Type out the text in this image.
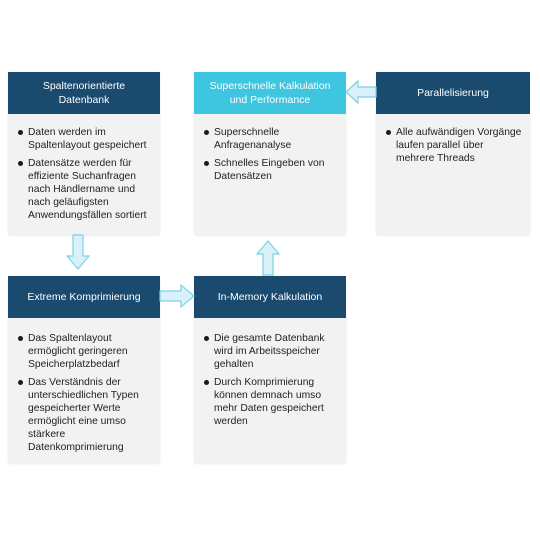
Spaltenorientierte Datenbank
Daten werden im Spaltenlayout gespeichert
Datensätze werden für effiziente Suchanfragen nach Händlername und nach geläufigsten Anwendungsfällen sortiert
Superschnelle Kalkulation und Performance
Superschnelle Anfragenanalyse
Schnelles Eingeben von Datensätzen
Parallelisierung
Alle aufwändigen Vorgänge laufen parallel über mehrere Threads
Extreme Komprimierung
Das Spaltenlayout ermöglicht geringeren Speicherplatzbedarf
Das Verständnis der unterschiedlichen Typen gespeicherter Werte ermöglicht eine umso stärkere Datenkomprimierung
In-Memory Kalkulation
Die gesamte Datenbank wird im Arbeitsspeicher gehalten
Durch Komprimierung können demnach umso mehr Daten gespeichert werden
